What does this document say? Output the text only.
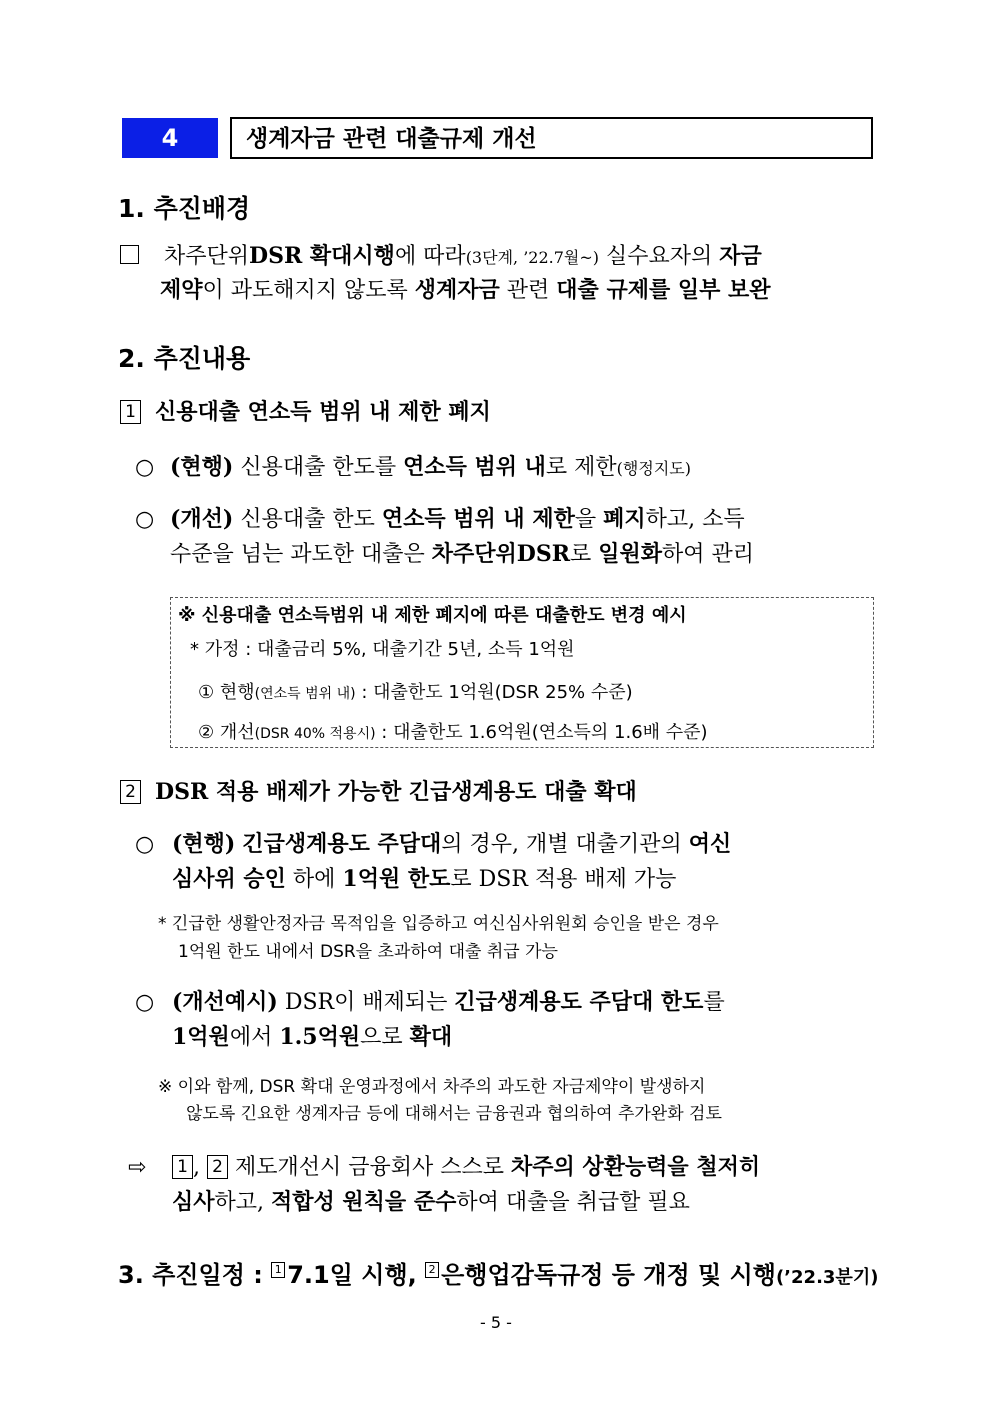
4	생계자금 관련 대출규제 개선
1. 추진배경
차주단위DSR 확대시행에 따라(3단계, ’22.7월~) 실수요자의 자금
제약이 과도해지지 않도록 생계자금 관련 대출 규제를 일부 보완
2. 추진내용
1 신용대출 연소득 범위 내 제한 폐지
○ (현행) 신용대출 한도를 연소득 범위 내로 제한(행정지도)
○ (개선) 신용대출 한도 연소득 범위 내 제한을 폐지하고, 소득
수준을 넘는 과도한 대출은 차주단위DSR로 일원화하여 관리
※ 신용대출 연소득범위 내 제한 폐지에 따른 대출한도 변경 예시
* 가정 : 대출금리 5%, 대출기간 5년, 소득 1억원
① 현행(연소득 범위 내) : 대출한도 1억원(DSR 25% 수준)
② 개선(DSR 40% 적용시) : 대출한도 1.6억원(연소득의 1.6배 수준)
2 DSR 적용 배제가 가능한 긴급생계용도 대출 확대
○ (현행) 긴급생계용도 주담대의 경우, 개별 대출기관의 여신
심사위 승인 하에 1억원 한도로 DSR 적용 배제 가능
* 긴급한 생활안정자금 목적임을 입증하고 여신심사위원회 승인을 받은 경우
1억원 한도 내에서 DSR을 초과하여 대출 취급 가능
○ (개선예시) DSR이 배제되는 긴급생계용도 주담대 한도를
1억원에서 1.5억원으로 확대
※ 이와 함께, DSR 확대 운영과정에서 차주의 과도한 자금제약이 발생하지
않도록 긴요한 생계자금 등에 대해서는 금융권과 협의하여 추가완화 검토
⇨ 1 , 2 제도개선시 금융회사 스스로 차주의 상환능력을 철저히
심사하고, 적합성 원칙을 준수하여 대출을 취급할 필요
3. 추진일정 : 1 7.1일 시행, 2 은행업감독규정 등 개정 및 시행(’22.3분기)
- 5 -
